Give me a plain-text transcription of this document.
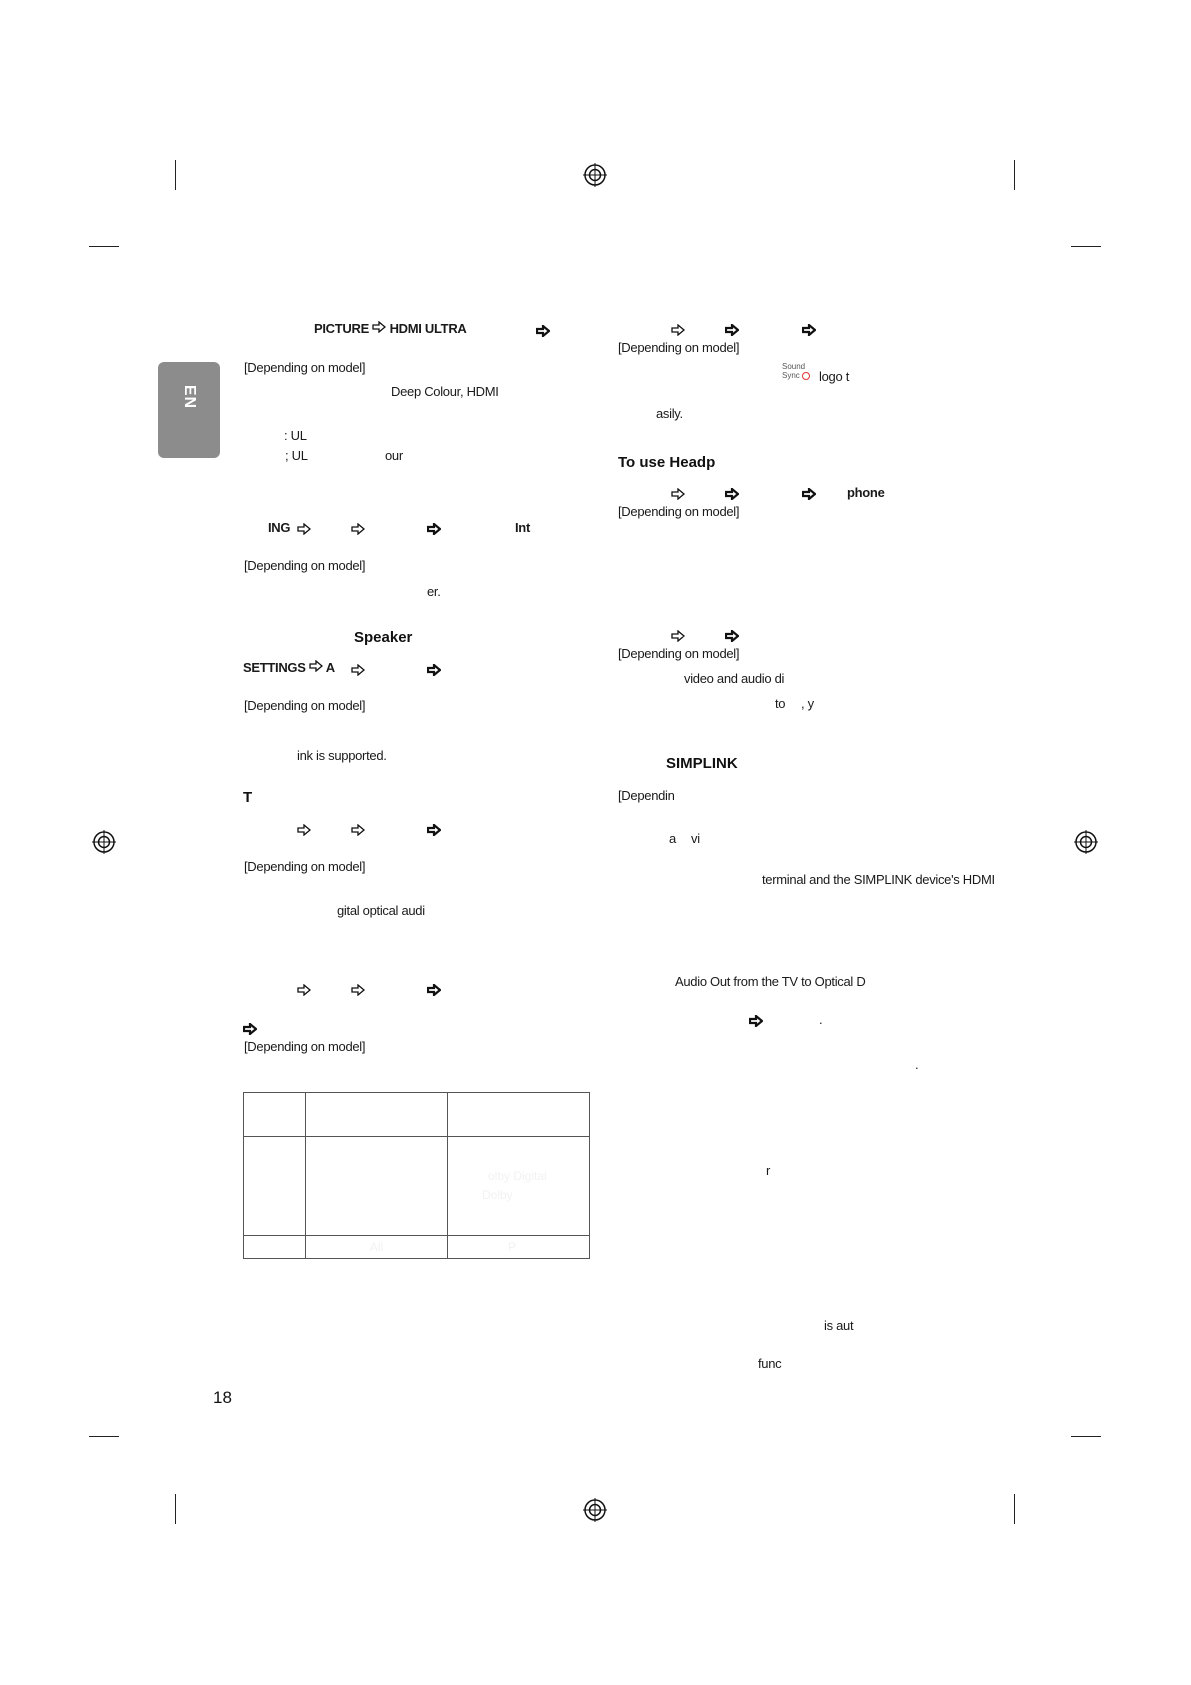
EN
PICTURE HDMI ULTRA
[Depending on model]
Deep Colour, HDMI
: UL
; UL	our
ING	Int
[Depending on model]
er.
Speaker
SETTINGS A
[Depending on model]
ink is supported.
T
[Depending on model]
gital optical audi
[Depending on model]

		olby Digital
Dolby

	All	P
18
[Depending on model]
Sound Sync	logo t
asily.
To use Headp
phone
[Depending on model]
[Depending on model]
video and audio di
to , y
SIMPLINK
[Dependin
a vi
terminal and the SIMPLINK device's HDMI
Audio Out from the TV to Optical D
.
.
r
is aut
func
